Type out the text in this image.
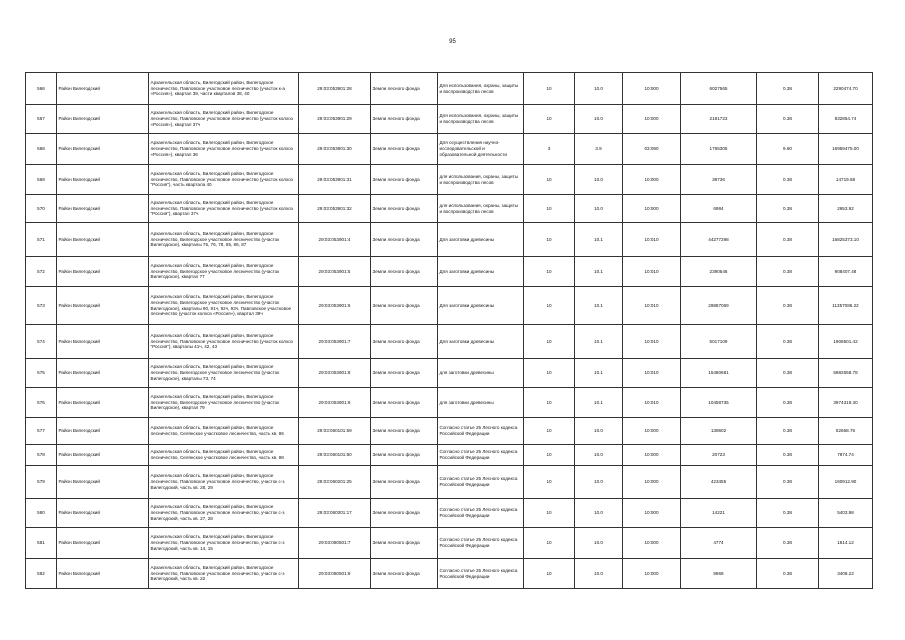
95
566	Район Вилегодский	Архангельская область, Вилегодский район, Вилегодское лесничество, Павловское участковое лесничество (участок к-а «Россия»), квартал 39, части кварталов 38, 40	29:03:053901:28	Земли лесного фонда	Для использования, охраны, защиты и воспроизводства лесов	10	10.0	10:000	6027565	0.38	2290474.70
567	Район Вилегодский	Архангельская область, Вилегодский район, Вилегодское лесничество, Павловское участковое лесничество (участок колхоз «Россия»), квартал 37ч	29:03:053901:29	Земли лесного фонда	Для использования, охраны, защиты и воспроизводства лесов	10	10.0	10:000	2191723	0.38	832854.74
568	Район Вилегодский	Архангельская область, Вилегодский район, Вилегодское лесничество, Павловское участковое лесничество (участок колхоз «Россия»), квартал 36	29:03:053901:30	Земли лесного фонда	Для осуществления научно-исследовательской и образовательной деятельности	3	3.9	03:090	1765305	9.60	16959475.00
569	Район Вилегодский	Архангельская область, Вилегодский район, Вилегодское лесничество, Павловское участковое лесничество (участок колхоз "Россия"), часть квартала 40	29:03:053901:31	Земли лесного фонда	для использования, охраны, защиты и воспроизводства лесов	10	10.0	10:000	38736	0.38	14719.68
570	Район Вилегодский	Архангельская область, Вилегодский район, Вилегодское лесничество, Павловское участковое лесничество (участок колхоз "Россия"), квартал 37ч	29:03:053901:32	Земли лесного фонда	для использования, охраны, защиты и воспроизводства лесов	10	10.0	10:000	6984	0.38	2653.92
571	Район Вилегодский	Архангельская область, Вилегодский район, Вилегодское лесничество, Вилегодское участковое лесничество (участок Вилегодское), кварталы 75, 76, 78, 85, 86, 87	29:03:053901:4	Земли лесного фонда	Для заготовки древесины	10	10.1	10:010	44277298	0.38	16825373.10
572	Район Вилегодский	Архангельская область, Вилегодский район, Вилегодское лесничество, Вилегодское участковое лесничество (участок Вилегодское), квартал 77	29:03:053901:5	Земли лесного фонда	Для заготовки древесины	10	10.1	10:010	2390546	0.38	908407.48
573	Район Вилегодский	Архангельская область, Вилегодский район, Вилегодское лесничество, Вилегодское участковое лесничество (участок Вилегодское), кварталы 90, 91ч, 92ч, 93ч, Павловское участковое лесничество (участок колхоз «Россия»), квартал 39ч	29:03:053901:6	Земли лесного фонда	Для заготовки древесины	10	10.1	10:010	29887069	0.38	11357086.22
574	Район Вилегодский	Архангельская область, Вилегодский район, Вилегодское лесничество, Павловское участковое лесничество (участок колхоз "Россия"), кварталы 41ч, 42, 43	29:03:053901:7	Земли лесного фонда	Для заготовки древесины	10	10.1	10:010	5017109	0.38	1906501.42
575	Район Вилегодский	Архангельская область, Вилегодский район, Вилегодское лесничество, Вилегодское участковое лесничество (участок Вилегодское), кварталы 73, 74	29:03:053901:8	Земли лесного фонда	для заготовки древесины	10	10.1	10:010	15480681	0.38	5882658.78
576	Район Вилегодский	Архангельская область, Вилегодский район, Вилегодское лесничество, Вилегодское участковое лесничество (участок Вилегодское), квартал 79	29:03:053901:9	Земли лесного фонда	для заготовки древесины	10	10.1	10:010	10458735	0.38	3974319.30
577	Район Вилегодский	Архангельская область, Вилегодский район, Вилегодское лесничество, Селянское участковое лесничество, часть кв. 96	29:03:060101:59	Земли лесного фонда	Согласно статье 25 Лесного кодекса Российской Федерации	10	10.0	10:000	138602	0.38	52668.76
578	Район Вилегодский	Архангельская область, Вилегодский район, Вилегодское лесничество, Селянское участковое лесничество, часть кв. 98	29:03:060101:60	Земли лесного фонда	Согласно статье 25 Лесного кодекса Российской Федерации	10	10.0	10:000	20723	0.38	7874.74
579	Район Вилегодский	Архангельская область, Вилегодский район, Вилегодское лесничество, Павловское участковое лесничество, участок с-з Вилегодский, часть кв. 28, 29	29:03:060201:25	Земли лесного фонда	Согласно статье 25 Лесного кодекса Российской Федерации	10	10.0	10:000	423455	0.38	160912.90
580	Район Вилегодский	Архангельская область, Вилегодский район, Вилегодское лесничество, Павловское участковое лесничество, участок с-з Вилегодский, часть кв. 27, 28	29:03:060301:17	Земли лесного фонда	Согласно статье 25 Лесного кодекса Российской Федерации	10	10.0	10:000	14221	0.38	5403.98
581	Район Вилегодский	Архангельская область, Вилегодский район, Вилегодское лесничество, Павловское участковое лесничество, участок с-з Вилегодский, часть кв. 14, 15	29:03:080501:7	Земли лесного фонда	Согласно статье 25 Лесного кодекса Российской Федерации	10	10.0	10:000	4774	0.38	1814.12
582	Район Вилегодский	Архангельская область, Вилегодский район, Вилегодское лесничество, Павловское участковое лесничество, участок с-з Вилегодский, часть кв. 22	29:03:080501:9	Земли лесного фонда	Согласно статье 25 Лесного кодекса Российской Федерации	10	10.0	10:000	8969	0.38	3408.22
